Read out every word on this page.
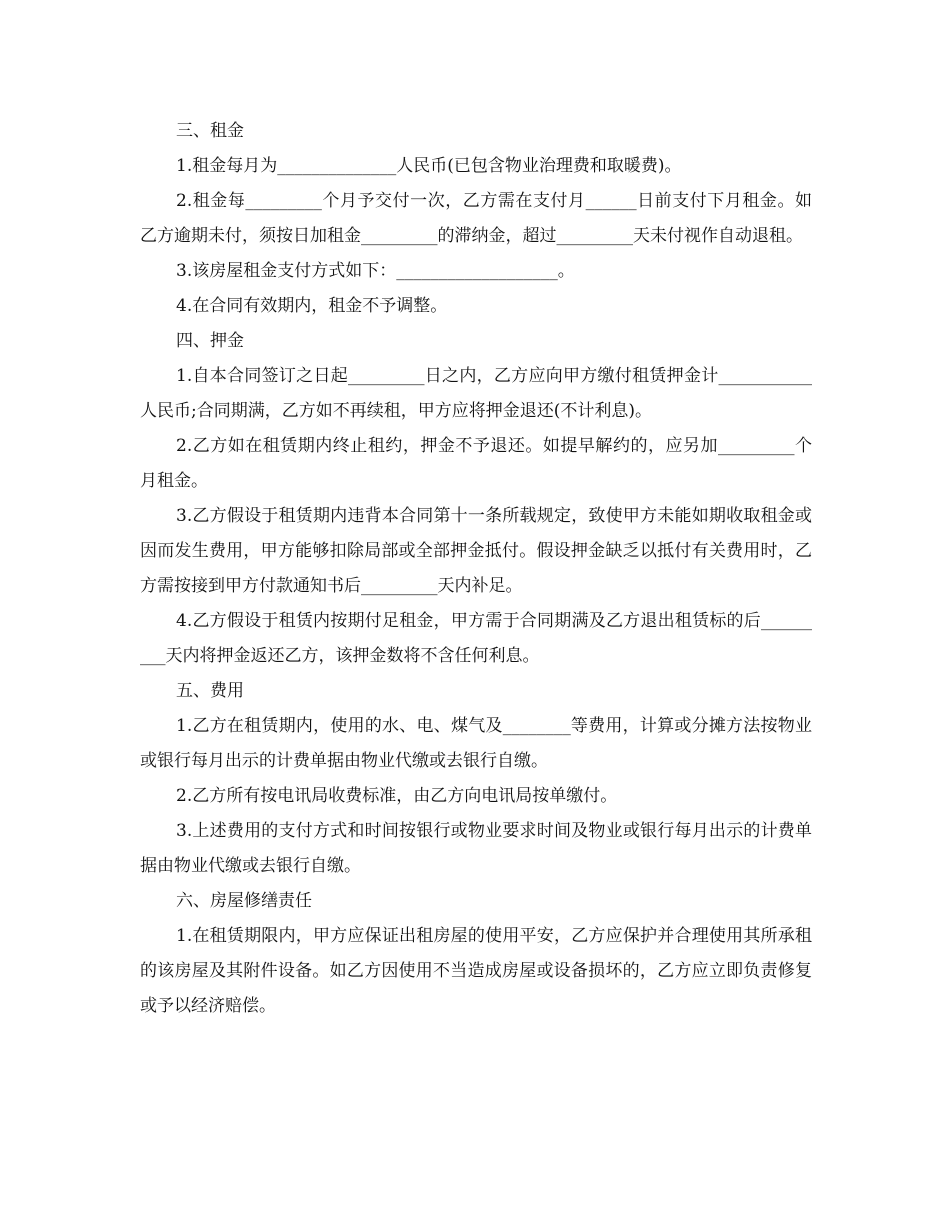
三、租金

1.租金每月为______________人民币(已包含物业治理费和取暖费)。

2.租金每_________个月予交付一次，乙方需在支付月______日前支付下月租金。如乙方逾期未付，须按日加租金_________的滞纳金，超过_________天未付视作自动退租。

3.该房屋租金支付方式如下：___________________。

4.在合同有效期内，租金不予调整。

四、押金

1.自本合同签订之日起_________日之内，乙方应向甲方缴付租赁押金计___________人民币;合同期满，乙方如不再续租，甲方应将押金退还(不计利息)。

2.乙方如在租赁期内终止租约，押金不予退还。如提早解约的，应另加_________个月租金。

3.乙方假设于租赁期内违背本合同第十一条所载规定，致使甲方未能如期收取租金或因而发生费用，甲方能够扣除局部或全部押金抵付。假设押金缺乏以抵付有关费用时，乙方需按接到甲方付款通知书后_________天内补足。

4.乙方假设于租赁内按期付足租金，甲方需于合同期满及乙方退出租赁标的后_________天内将押金返还乙方，该押金数将不含任何利息。

五、费用

1.乙方在租赁期内，使用的水、电、煤气及________等费用，计算或分摊方法按物业或银行每月出示的计费单据由物业代缴或去银行自缴。

2.乙方所有按电讯局收费标准，由乙方向电讯局按单缴付。

3.上述费用的支付方式和时间按银行或物业要求时间及物业或银行每月出示的计费单据由物业代缴或去银行自缴。

六、房屋修缮责任

1.在租赁期限内，甲方应保证出租房屋的使用平安，乙方应保护并合理使用其所承租的该房屋及其附件设备。如乙方因使用不当造成房屋或设备损坏的，乙方应立即负责修复或予以经济赔偿。
